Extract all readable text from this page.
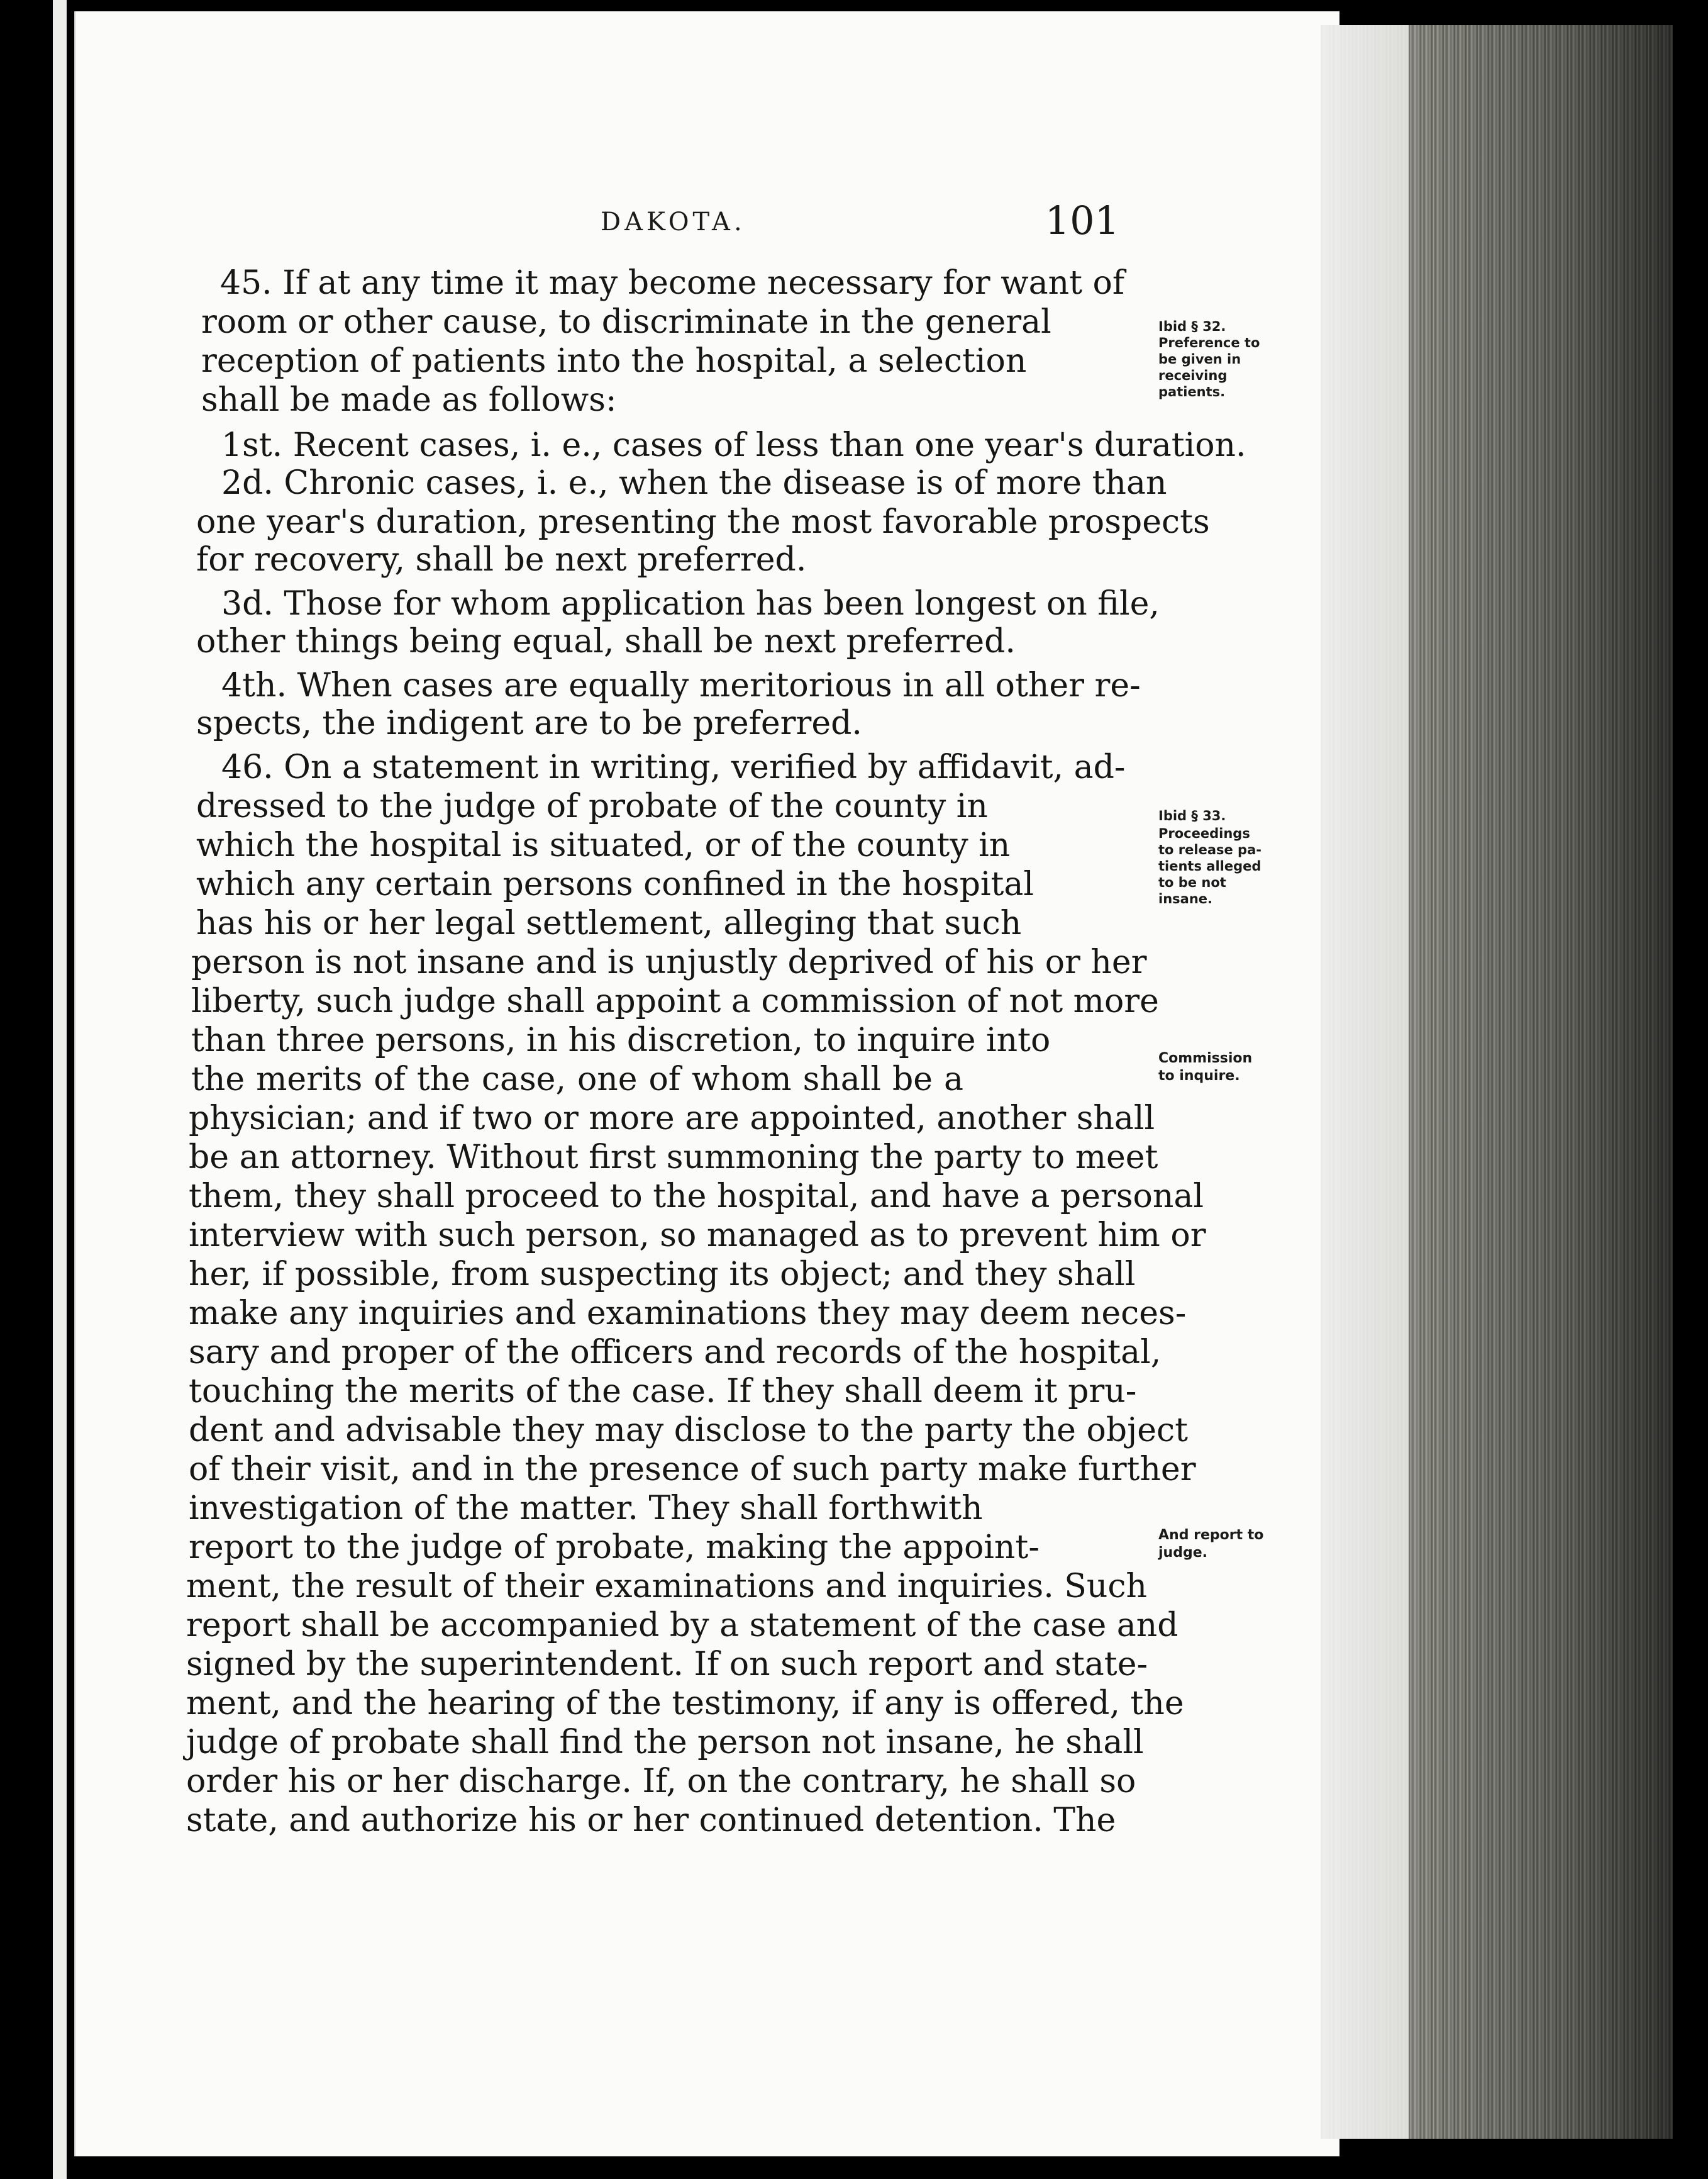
DAKOTA.	101
45. If at any time it may become necessary for want of
room or other cause, to discriminate in the general
reception of patients into the hospital, a selection
shall be made as follows:
1st. Recent cases, i. e., cases of less than one year's duration.
2d. Chronic cases, i. e., when the disease is of more than
one year's duration, presenting the most favorable prospects
for recovery, shall be next preferred.
3d. Those for whom application has been longest on file,
other things being equal, shall be next preferred.
4th. When cases are equally meritorious in all other re-
spects, the indigent are to be preferred.
46. On a statement in writing, verified by affidavit, ad-
dressed to the judge of probate of the county in
which the hospital is situated, or of the county in
which any certain persons confined in the hospital
has his or her legal settlement, alleging that such
person is not insane and is unjustly deprived of his or her
liberty, such judge shall appoint a commission of not more
than three persons, in his discretion, to inquire into
the merits of the case, one of whom shall be a
physician; and if two or more are appointed, another shall
be an attorney. Without first summoning the party to meet
them, they shall proceed to the hospital, and have a personal
interview with such person, so managed as to prevent him or
her, if possible, from suspecting its object; and they shall
make any inquiries and examinations they may deem neces-
sary and proper of the officers and records of the hospital,
touching the merits of the case. If they shall deem it pru-
dent and advisable they may disclose to the party the object
of their visit, and in the presence of such party make further
investigation of the matter. They shall forthwith
report to the judge of probate, making the appoint-
ment, the result of their examinations and inquiries. Such
report shall be accompanied by a statement of the case and
signed by the superintendent. If on such report and state-
ment, and the hearing of the testimony, if any is offered, the
judge of probate shall find the person not insane, he shall
order his or her discharge. If, on the contrary, he shall so
state, and authorize his or her continued detention. The
Ibid § 32.
Preference to
be given in
receiving
patients.
Ibid § 33.
Proceedings
to release pa-
tients alleged
to be not
insane.
Commission
to inquire.
And report to
judge.
